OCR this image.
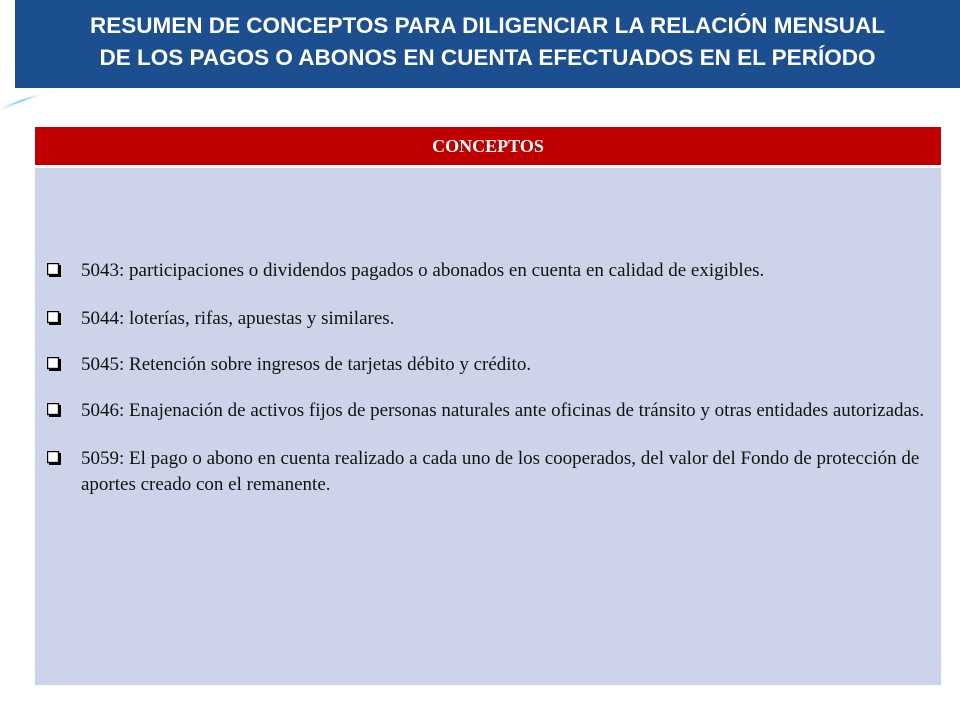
RESUMEN DE CONCEPTOS PARA DILIGENCIAR LA RELACIÓN MENSUAL
DE LOS PAGOS O ABONOS EN CUENTA EFECTUADOS EN EL PERÍODO
CONCEPTOS
5043: participaciones o dividendos pagados o abonados en cuenta en calidad de exigibles.
5044: loterías, rifas, apuestas y similares.
5045: Retención sobre ingresos de tarjetas débito y crédito.
5046: Enajenación de activos fijos de personas naturales ante oficinas de tránsito y otras entidades autorizadas.
5059: El pago o abono en cuenta realizado a cada uno de los cooperados, del valor del Fondo de protección de aportes creado con el remanente.
